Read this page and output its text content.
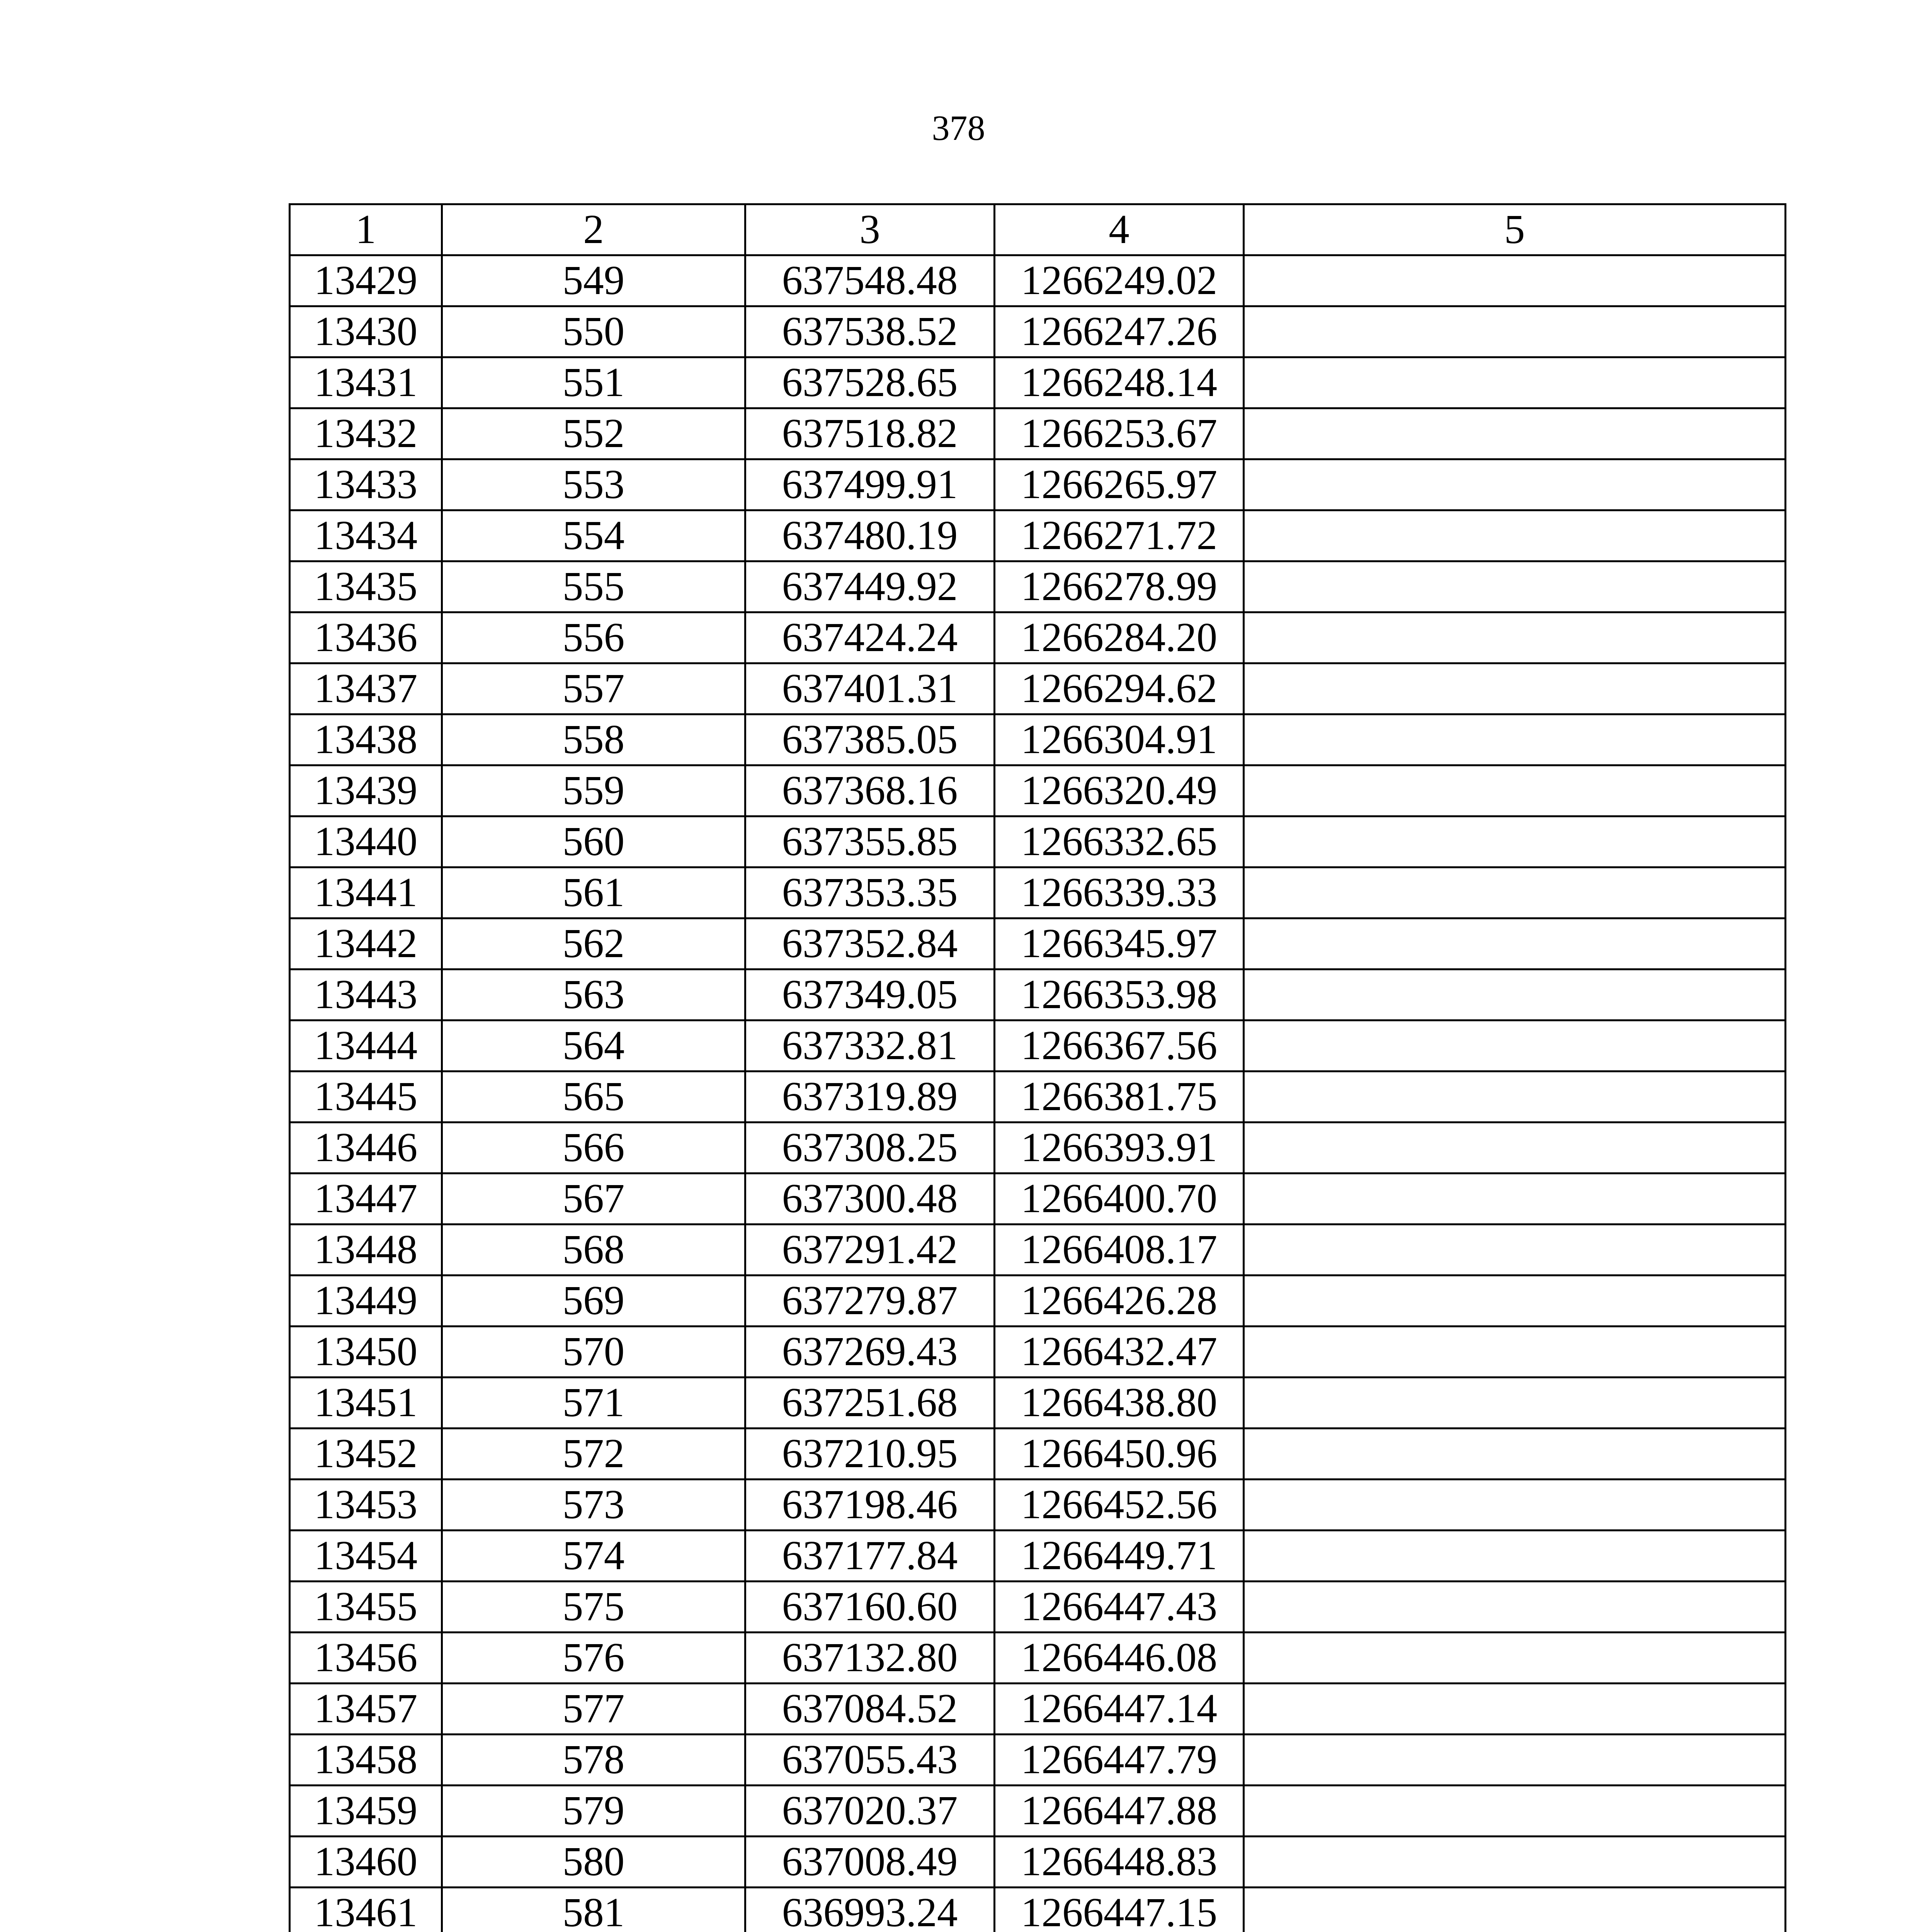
378
1	2	3	4	5
13429	549	637548.48	1266249.02	
13430	550	637538.52	1266247.26	
13431	551	637528.65	1266248.14	
13432	552	637518.82	1266253.67	
13433	553	637499.91	1266265.97	
13434	554	637480.19	1266271.72	
13435	555	637449.92	1266278.99	
13436	556	637424.24	1266284.20	
13437	557	637401.31	1266294.62	
13438	558	637385.05	1266304.91	
13439	559	637368.16	1266320.49	
13440	560	637355.85	1266332.65	
13441	561	637353.35	1266339.33	
13442	562	637352.84	1266345.97	
13443	563	637349.05	1266353.98	
13444	564	637332.81	1266367.56	
13445	565	637319.89	1266381.75	
13446	566	637308.25	1266393.91	
13447	567	637300.48	1266400.70	
13448	568	637291.42	1266408.17	
13449	569	637279.87	1266426.28	
13450	570	637269.43	1266432.47	
13451	571	637251.68	1266438.80	
13452	572	637210.95	1266450.96	
13453	573	637198.46	1266452.56	
13454	574	637177.84	1266449.71	
13455	575	637160.60	1266447.43	
13456	576	637132.80	1266446.08	
13457	577	637084.52	1266447.14	
13458	578	637055.43	1266447.79	
13459	579	637020.37	1266447.88	
13460	580	637008.49	1266448.83	
13461	581	636993.24	1266447.15	
